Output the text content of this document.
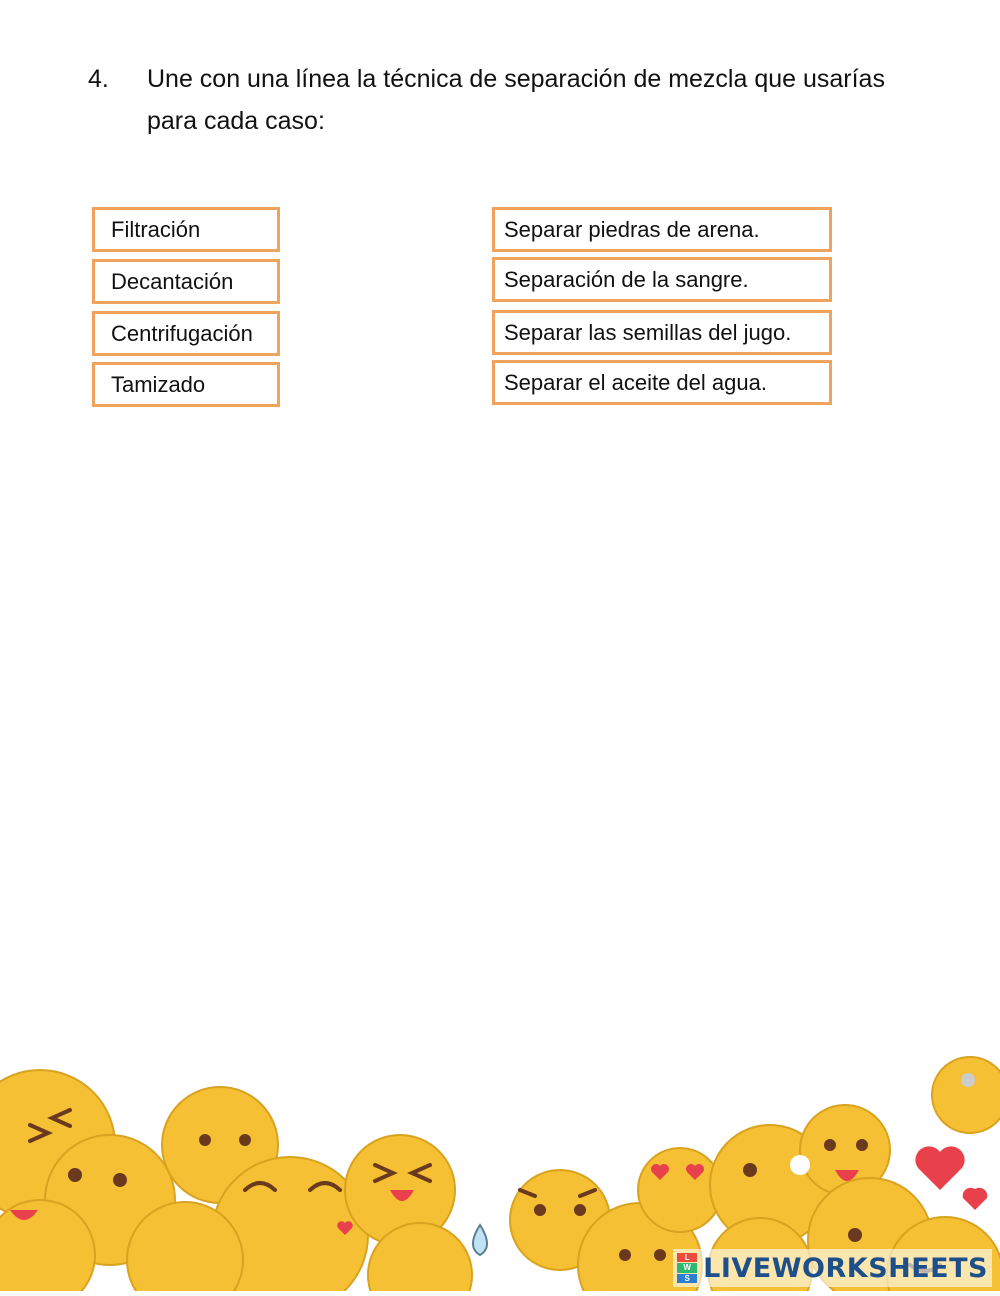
4. Une con una línea la técnica de separación de mezcla que usarías para cada caso:
Filtración
Decantación
Centrifugación
Tamizado
Separar piedras de arena.
Separación de la sangre.
Separar las semillas del jugo.
Separar el aceite del agua.
L
W
S LIVEWORKSHEETS
